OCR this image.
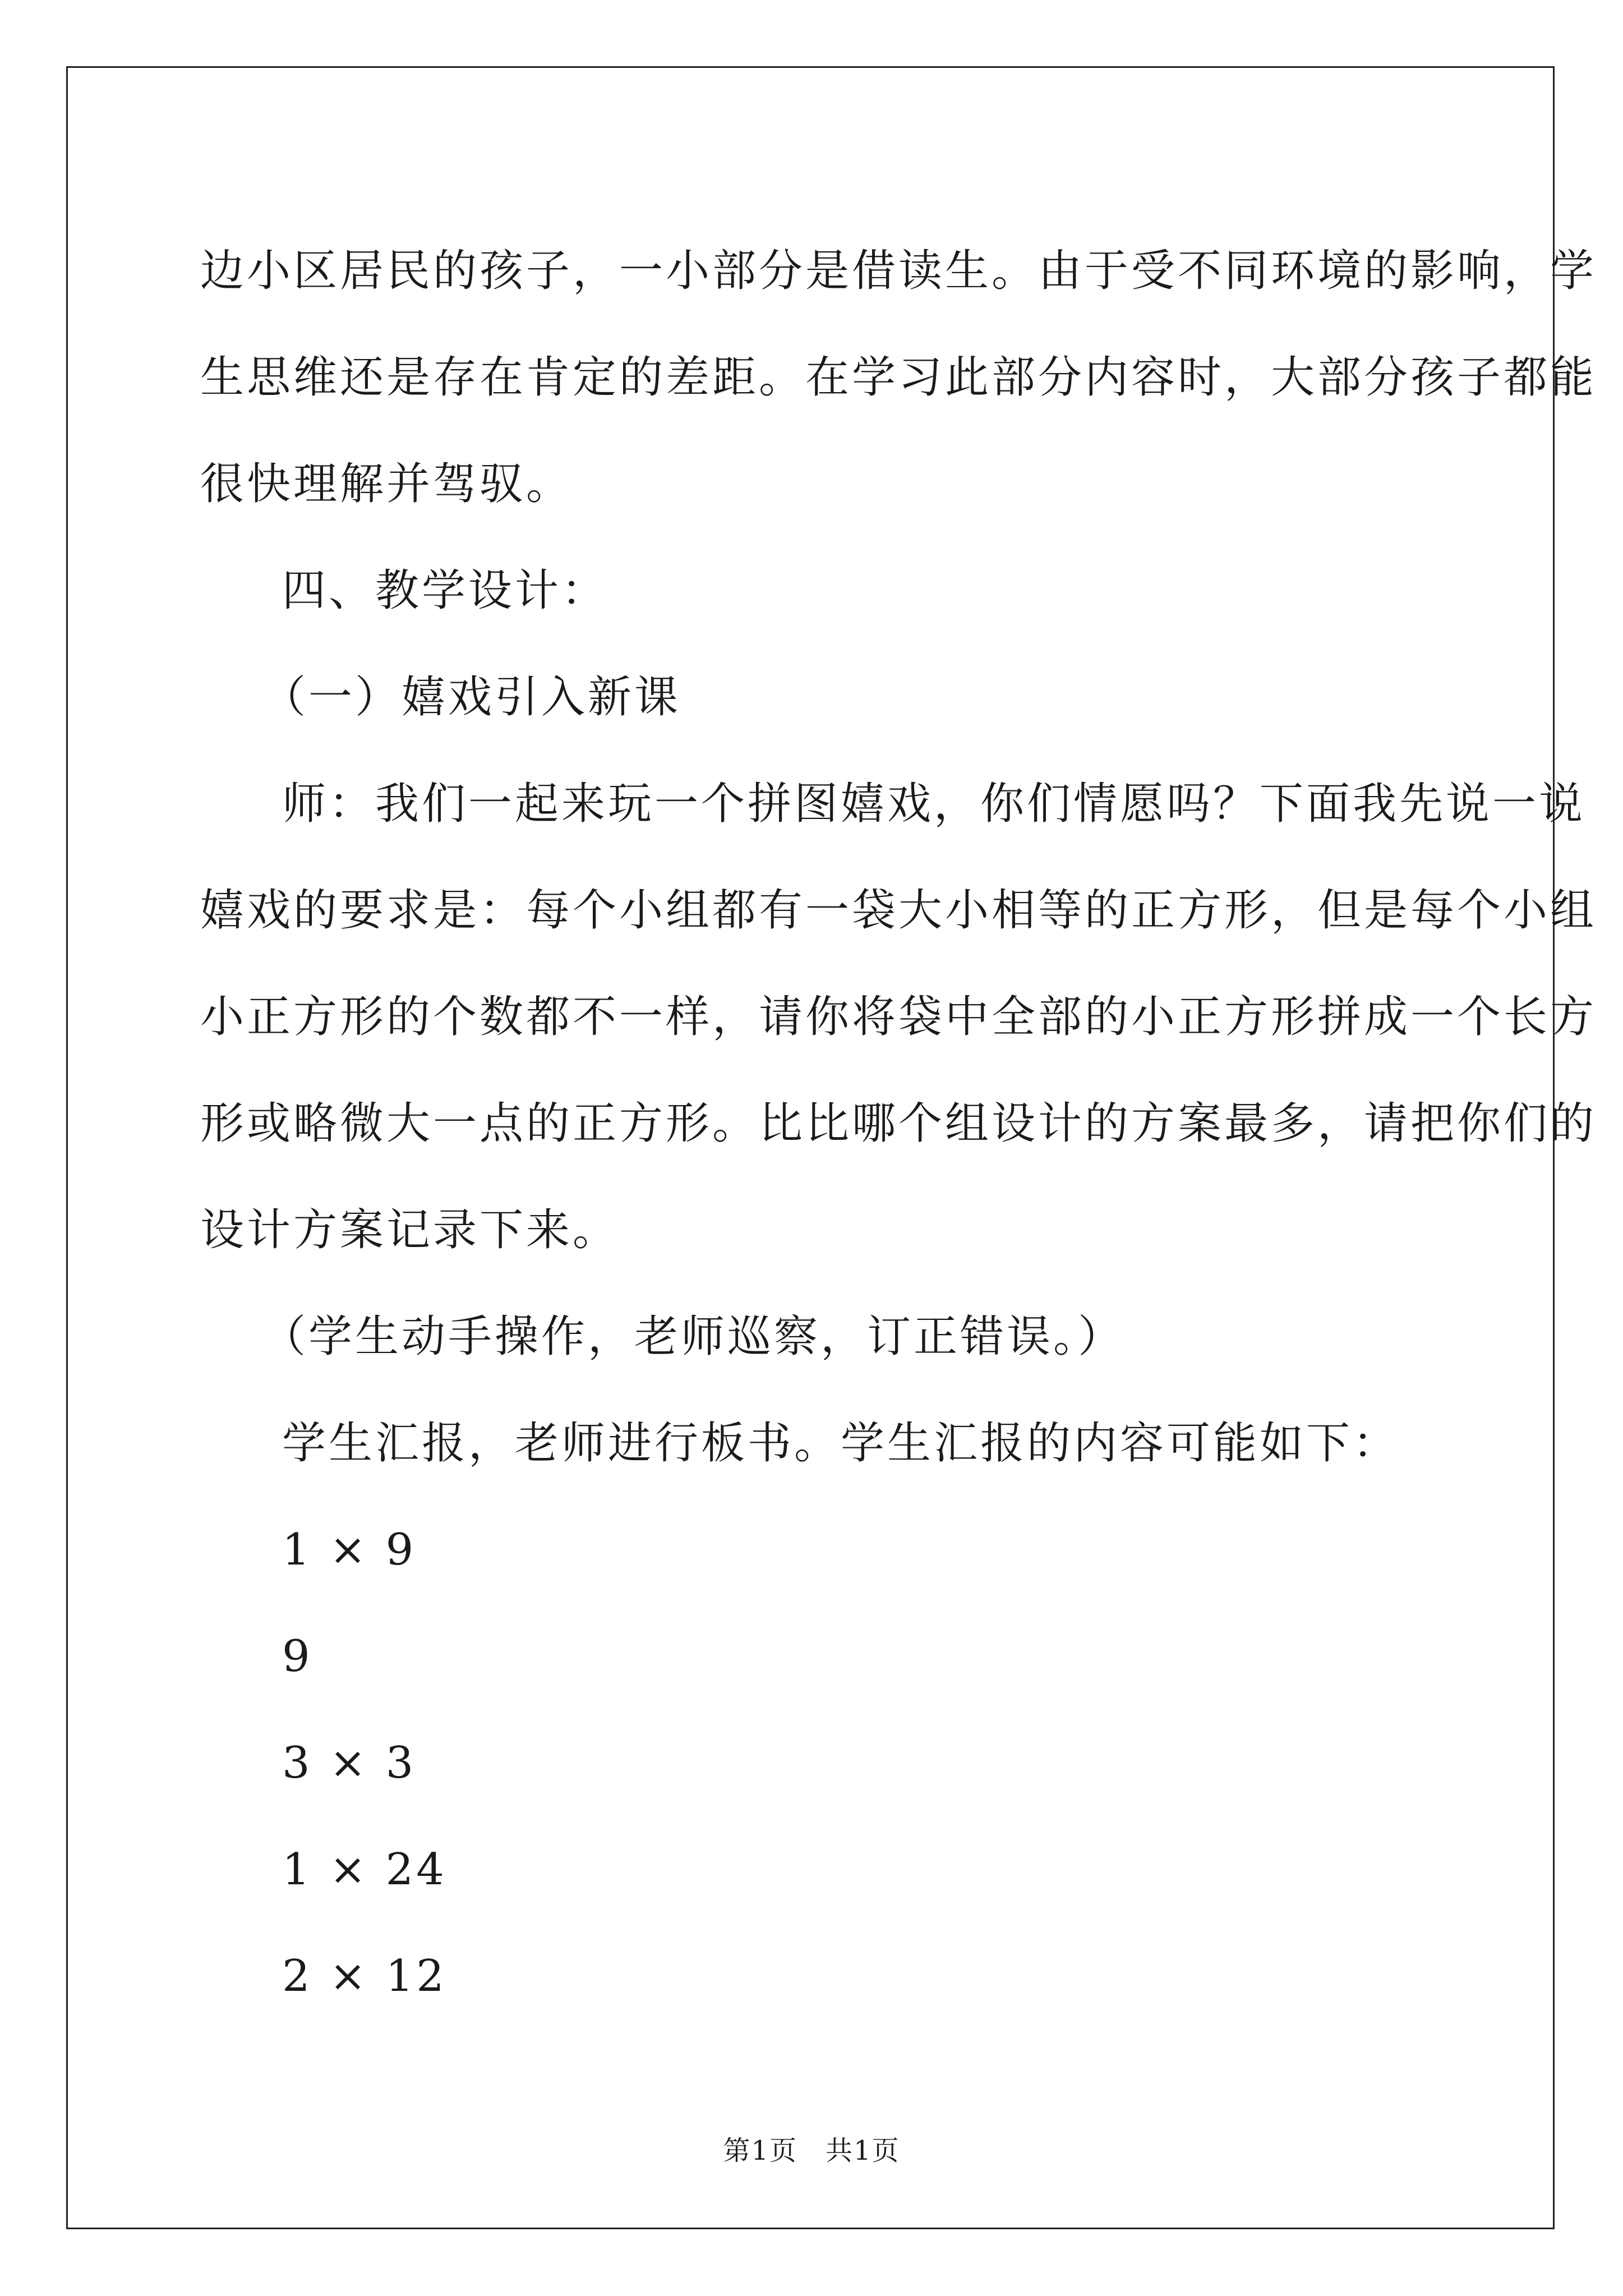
边小区居民的孩子，一小部分是借读生。由于受不同环境的影响，学

生思维还是存在肯定的差距。在学习此部分内容时，大部分孩子都能

很快理解并驾驭。

四、教学设计：

（一）嬉戏引入新课

师：我们一起来玩一个拼图嬉戏，你们情愿吗？下面我先说一说

嬉戏的要求是：每个小组都有一袋大小相等的正方形，但是每个小组

小正方形的个数都不一样，请你将袋中全部的小正方形拼成一个长方

形或略微大一点的正方形。比比哪个组设计的方案最多，请把你们的

设计方案记录下来。

（学生动手操作，老师巡察，订正错误。）

学生汇报，老师进行板书。学生汇报的内容可能如下：

1 × 9

9

3 × 3

1 × 24

2 × 12

第1页　共1页
